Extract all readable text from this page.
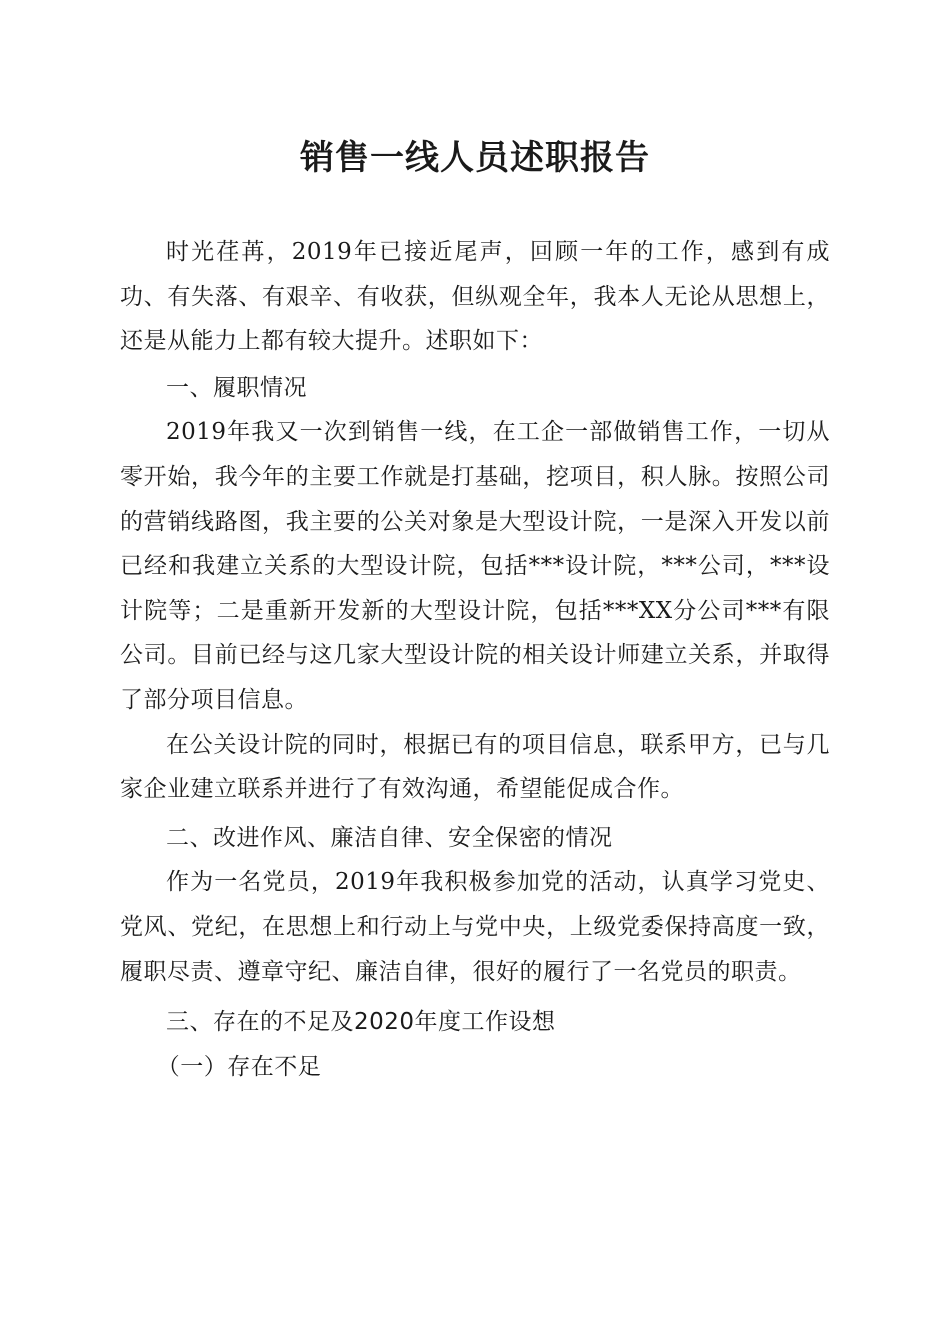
销售一线人员述职报告

时光荏苒，2019年已接近尾声，回顾一年的工作，感到有成功、有失落、有艰辛、有收获，但纵观全年，我本人无论从思想上，还是从能力上都有较大提升。述职如下：

一、履职情况

2019年我又一次到销售一线，在工企一部做销售工作，一切从零开始，我今年的主要工作就是打基础，挖项目，积人脉。按照公司的营销线路图，我主要的公关对象是大型设计院，一是深入开发以前已经和我建立关系的大型设计院，包括***设计院，***公司，***设计院等；二是重新开发新的大型设计院，包括***XX分公司***有限公司。目前已经与这几家大型设计院的相关设计师建立关系，并取得了部分项目信息。

在公关设计院的同时，根据已有的项目信息，联系甲方，已与几家企业建立联系并进行了有效沟通，希望能促成合作。

二、改进作风、廉洁自律、安全保密的情况

作为一名党员，2019年我积极参加党的活动，认真学习党史、党风、党纪，在思想上和行动上与党中央，上级党委保持高度一致，履职尽责、遵章守纪、廉洁自律，很好的履行了一名党员的职责。

三、存在的不足及2020年度工作设想

（一）存在不足
